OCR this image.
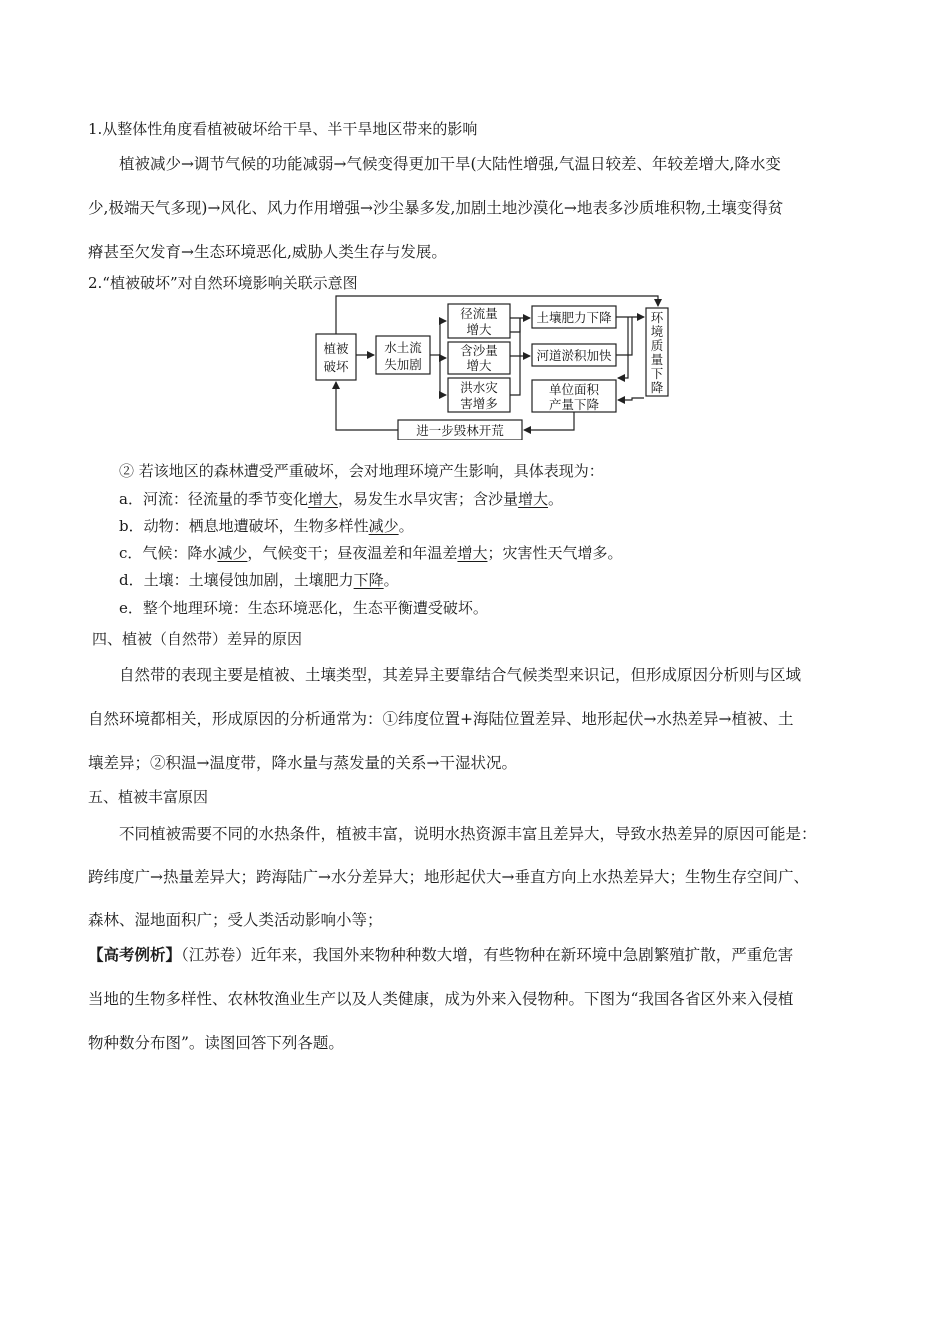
1.从整体性角度看植被破坏给干旱、半干旱地区带来的影响
植被减少→调节气候的功能减弱→气候变得更加干旱(大陆性增强,气温日较差、年较差增大,降水变
少,极端天气多现)→风化、风力作用增强→沙尘暴多发,加剧土地沙漠化→地表多沙质堆积物,土壤变得贫
瘠甚至欠发育→生态环境恶化,威胁人类生存与发展。
2.“植被破坏”对自然环境影响关联示意图
植被
破坏
水土流
失加剧
径流量
增大
含沙量
增大
洪水灾
害增多
土壤肥力下降
河道淤积加快
单位面积
产量下降
环
境
质
量
下
降
进一步毁林开荒
② 若该地区的森林遭受严重破坏，会对地理环境产生影响，具体表现为：
a．河流：径流量的季节变化增大，易发生水旱灾害；含沙量增大。
b．动物：栖息地遭破坏，生物多样性减少。
c．气候：降水减少，气候变干；昼夜温差和年温差增大；灾害性天气增多。
d．土壤：土壤侵蚀加剧，土壤肥力下降。
e．整个地理环境：生态环境恶化，生态平衡遭受破坏。
四、植被（自然带）差异的原因
自然带的表现主要是植被、土壤类型，其差异主要靠结合气候类型来识记，但形成原因分析则与区域
自然环境都相关，形成原因的分析通常为：①纬度位置+海陆位置差异、地形起伏→水热差异→植被、土
壤差异；②积温→温度带，降水量与蒸发量的关系→干湿状况。
五、植被丰富原因
不同植被需要不同的水热条件，植被丰富，说明水热资源丰富且差异大，导致水热差异的原因可能是：
跨纬度广→热量差异大；跨海陆广→水分差异大；地形起伏大→垂直方向上水热差异大；生物生存空间广、
森林、湿地面积广；受人类活动影响小等；
【高考例析】（江苏卷）近年来，我国外来物种种数大增，有些物种在新环境中急剧繁殖扩散，严重危害
当地的生物多样性、农林牧渔业生产以及人类健康，成为外来入侵物种。下图为“我国各省区外来入侵植
物种数分布图”。读图回答下列各题。
